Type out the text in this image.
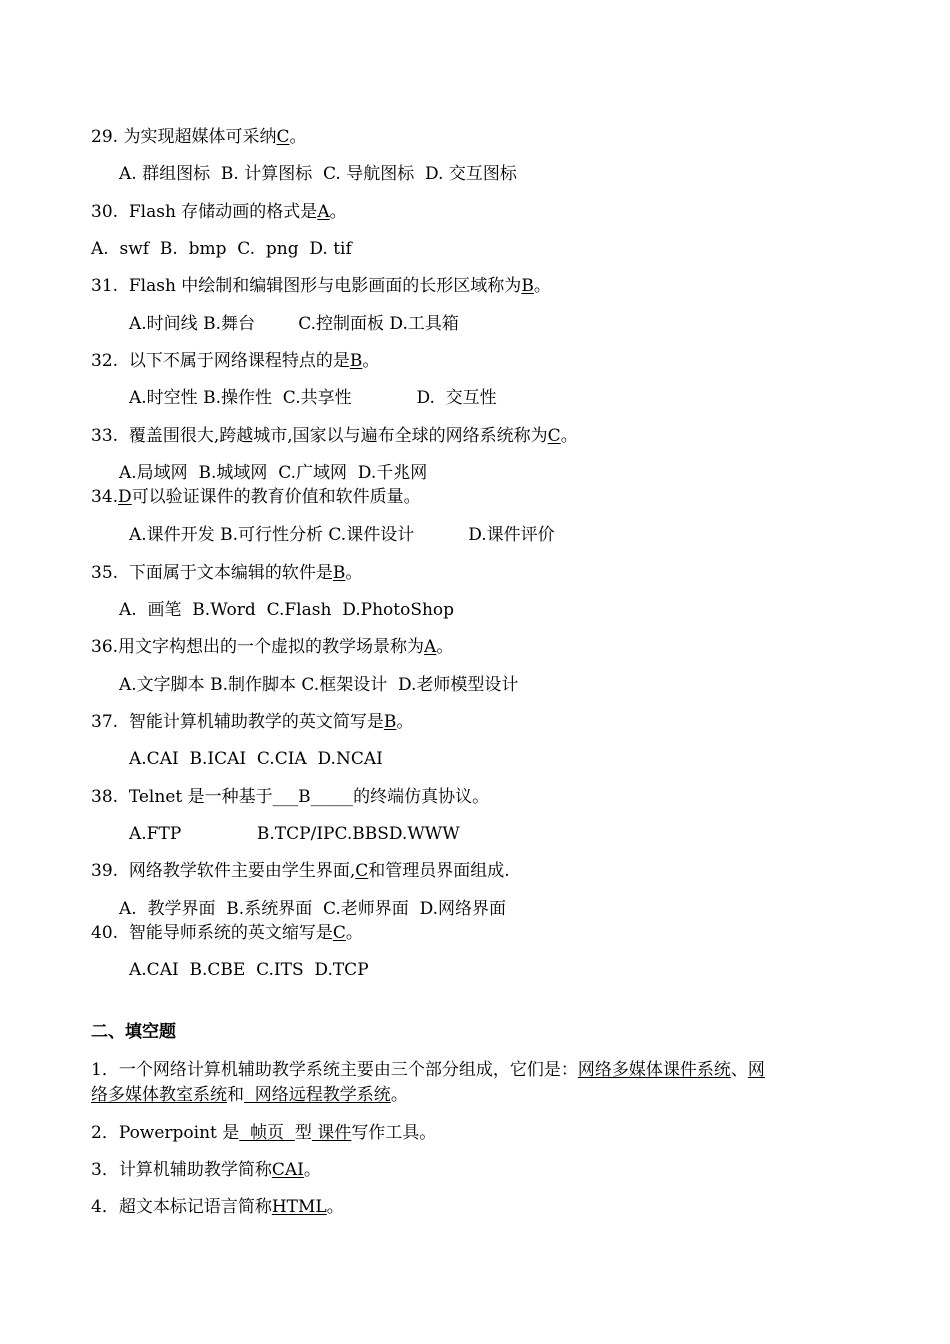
29. 为实现超媒体可采纳C。
A. 群组图标  B. 计算图标  C. 导航图标  D. 交互图标
30.  Flash 存储动画的格式是A。
A.  swf  B.  bmp  C.  png  D. tif
31.  Flash 中绘制和编辑图形与电影画面的长形区域称为B。
A.时间线 B.舞台        C.控制面板 D.工具箱
32.  以下不属于网络课程特点的是B。
A.时空性 B.操作性  C.共享性            D.  交互性
33.  覆盖围很大,跨越城市,国家以与遍布全球的网络系统称为C。
A.局域网  B.城域网  C.广域网  D.千兆网
34.D可以验证课件的教育价值和软件质量。
A.课件开发 B.可行性分析 C.课件设计          D.课件评价
35.  下面属于文本编辑的软件是B。
A.  画笔  B.Word  C.Flash  D.PhotoShop
36.用文字构想出的一个虚拟的教学场景称为A。
A.文字脚本 B.制作脚本 C.框架设计  D.老师模型设计
37.  智能计算机辅助教学的英文简写是B。
A.CAI  B.ICAI  C.CIA  D.NCAI
38.  Telnet 是一种基于___B_____的终端仿真协议。
A.FTP              B.TCP/IPC.BBSD.WWW
39.  网络教学软件主要由学生界面,C和管理员界面组成.
A.  教学界面  B.系统界面  C.老师界面  D.网络界面
40.  智能导师系统的英文缩写是C。
A.CAI  B.CBE  C.ITS  D.TCP
二、填空题
1．一个网络计算机辅助教学系统主要由三个部分组成，它们是：网络多媒体课件系统、网
络多媒体教室系统和  网络远程教学系统。
2．Powerpoint 是  帧页  型 课件写作工具。
3．计算机辅助教学简称CAI。
4．超文本标记语言简称HTML。
